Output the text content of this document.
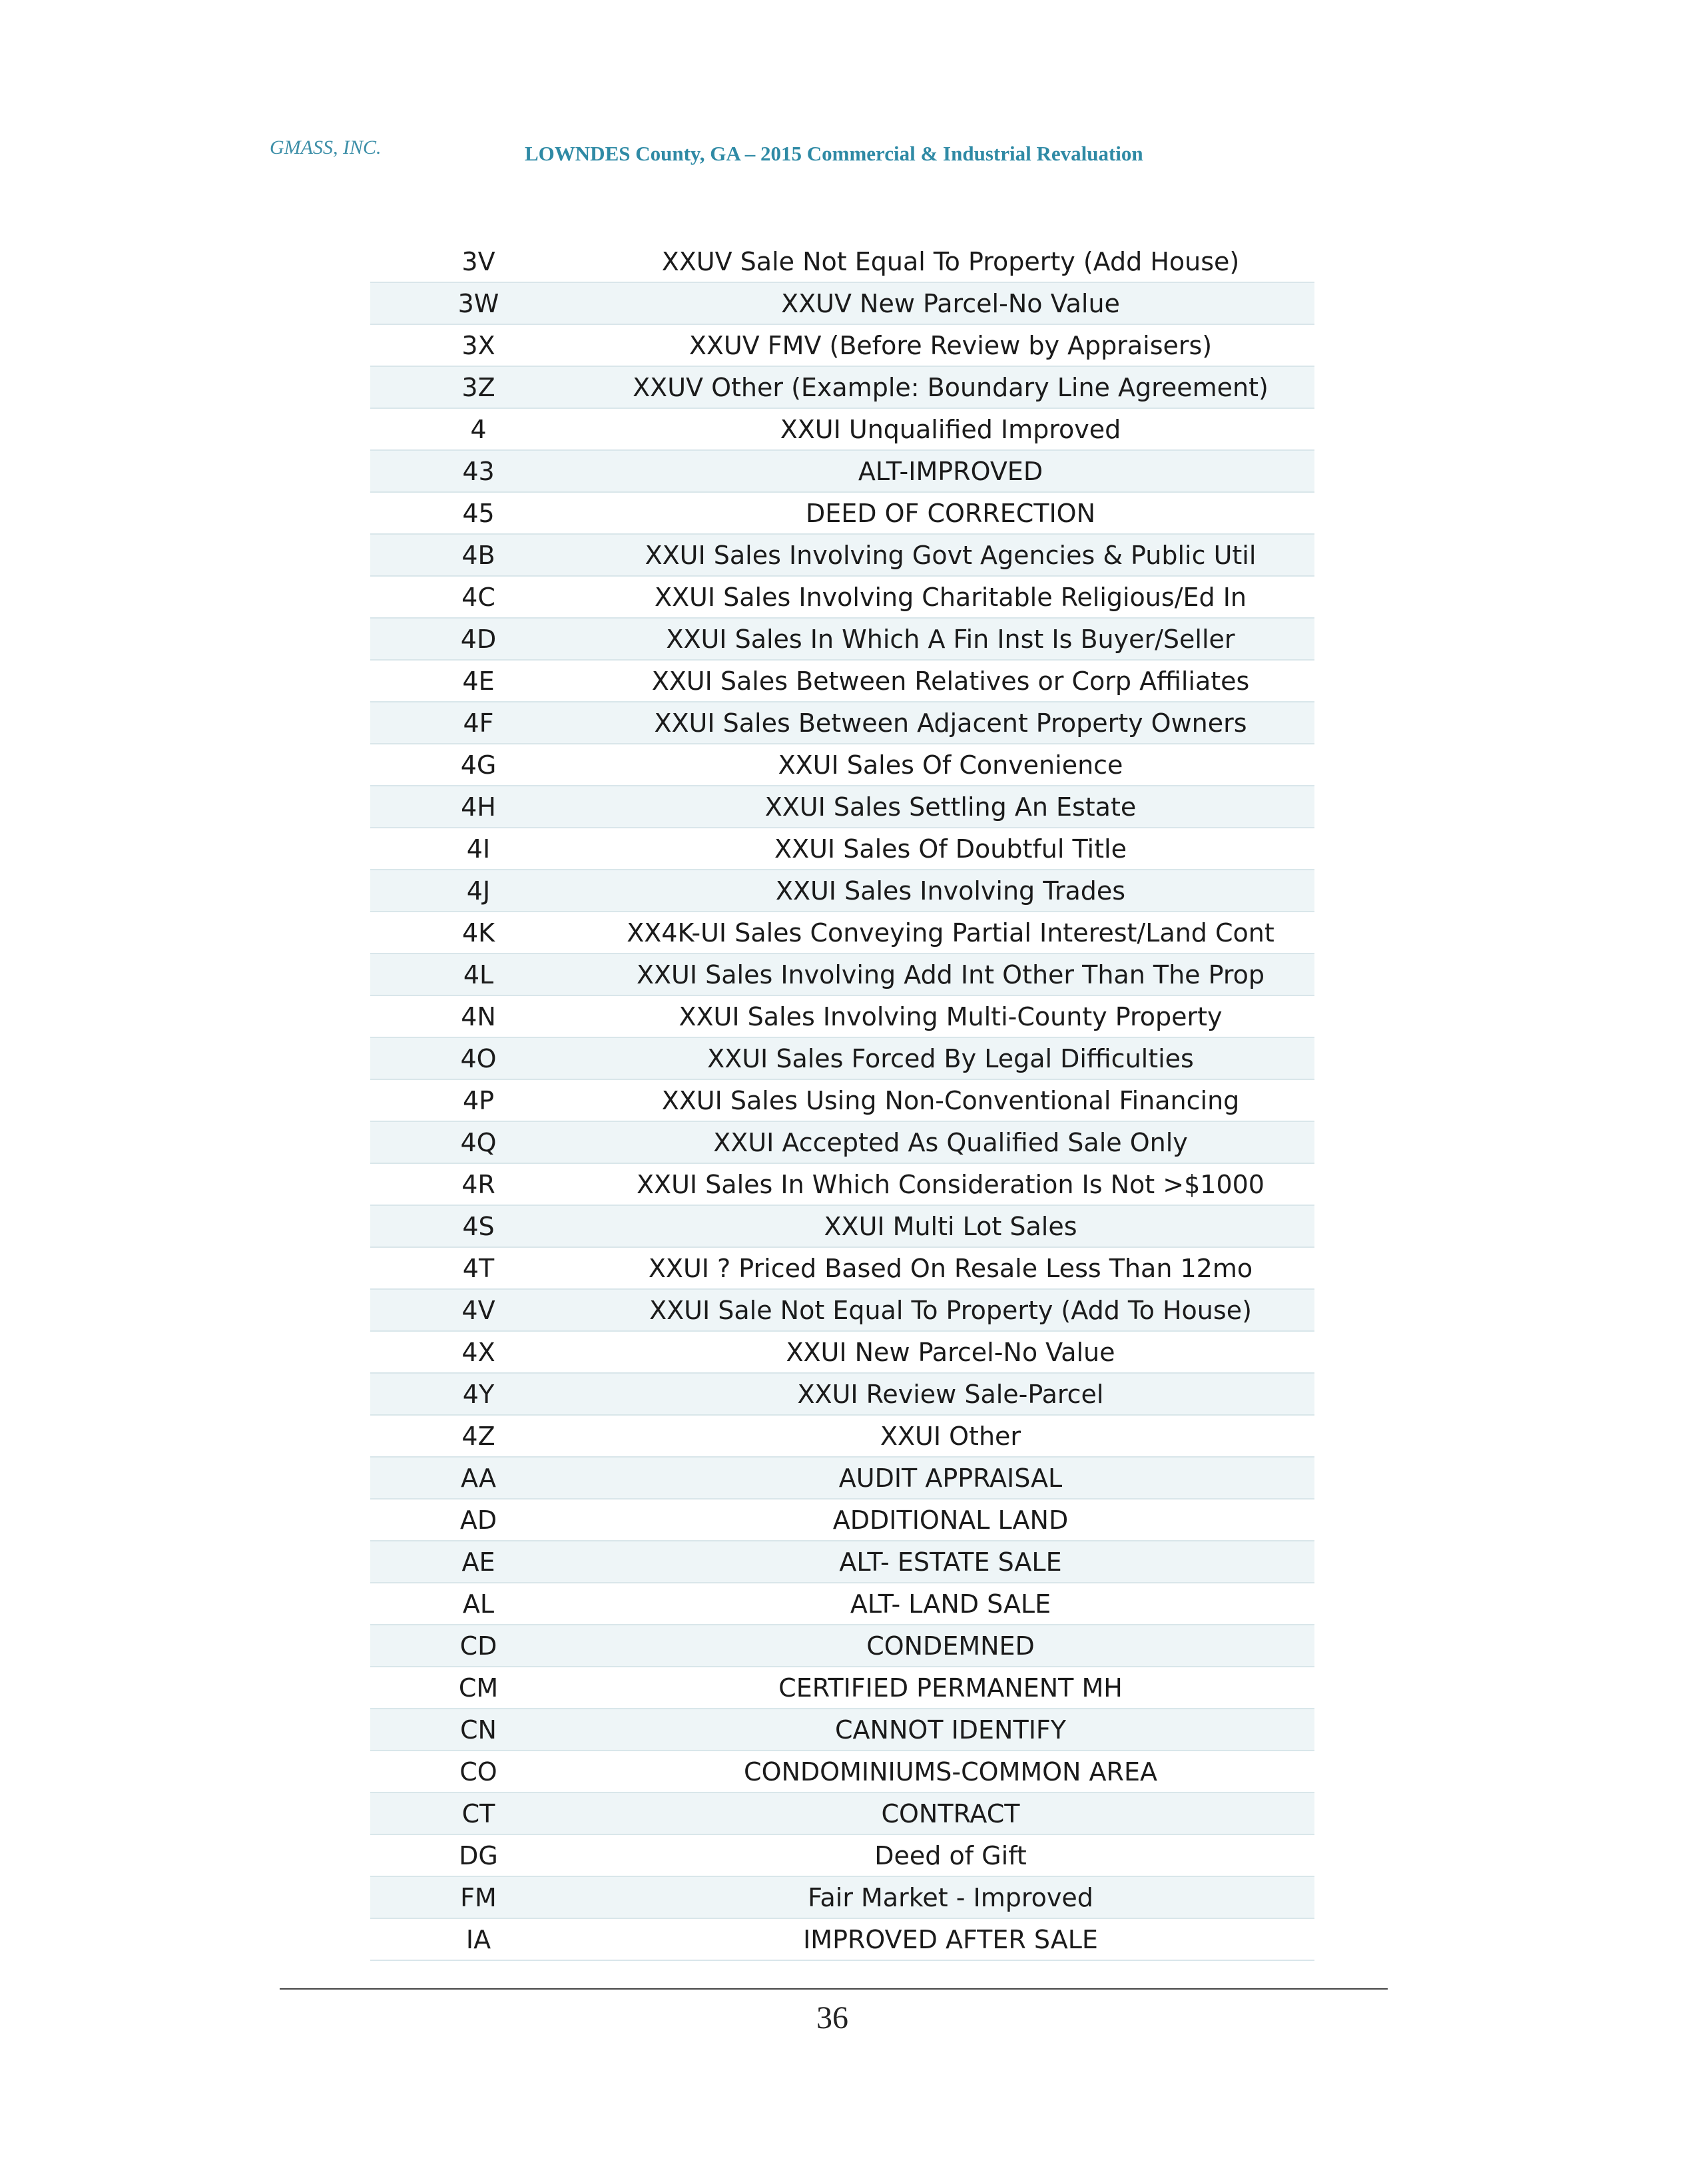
GMASS, INC.	LOWNDES County, GA – 2015 Commercial & Industrial Revaluation
3V	XXUV Sale Not Equal To Property (Add House)
3W	XXUV New Parcel-No Value
3X	XXUV FMV (Before Review by Appraisers)
3Z	XXUV Other (Example: Boundary Line Agreement)
4	XXUI Unqualified Improved
43	ALT-IMPROVED
45	DEED OF CORRECTION
4B	XXUI Sales Involving Govt Agencies & Public Util
4C	XXUI Sales Involving Charitable Religious/Ed In
4D	XXUI Sales In Which A Fin Inst Is Buyer/Seller
4E	XXUI Sales Between Relatives or Corp Affiliates
4F	XXUI Sales Between Adjacent Property Owners
4G	XXUI Sales Of Convenience
4H	XXUI Sales Settling An Estate
4I	XXUI Sales Of Doubtful Title
4J	XXUI Sales Involving Trades
4K	XX4K-UI Sales Conveying Partial Interest/Land Cont
4L	XXUI Sales Involving Add Int Other Than The Prop
4N	XXUI Sales Involving Multi-County Property
4O	XXUI Sales Forced By Legal Difficulties
4P	XXUI Sales Using Non-Conventional Financing
4Q	XXUI Accepted As Qualified Sale Only
4R	XXUI Sales In Which Consideration Is Not >$1000
4S	XXUI Multi Lot Sales
4T	XXUI ? Priced Based On Resale Less Than 12mo
4V	XXUI Sale Not Equal To Property (Add To House)
4X	XXUI New Parcel-No Value
4Y	XXUI Review Sale-Parcel
4Z	XXUI Other
AA	AUDIT APPRAISAL
AD	ADDITIONAL LAND
AE	ALT- ESTATE SALE
AL	ALT- LAND SALE
CD	CONDEMNED
CM	CERTIFIED PERMANENT MH
CN	CANNOT IDENTIFY
CO	CONDOMINIUMS-COMMON AREA
CT	CONTRACT
DG	Deed of Gift
FM	Fair Market - Improved
IA	IMPROVED AFTER SALE
36
